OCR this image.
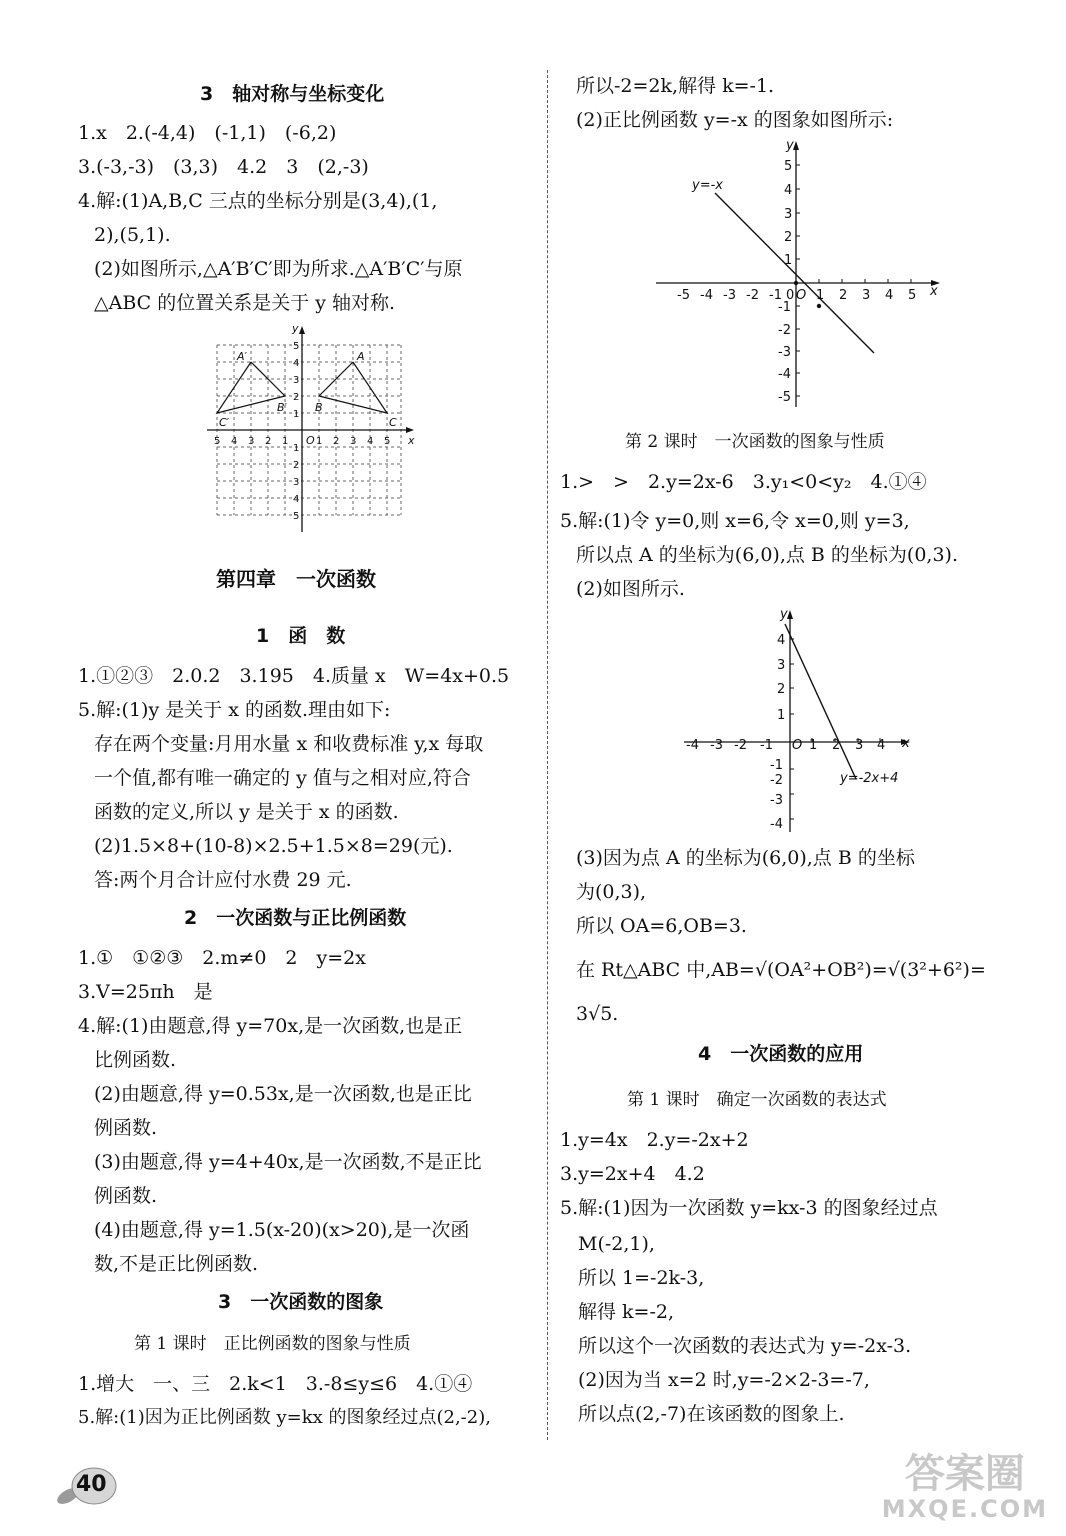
3　轴对称与坐标变化
1.x　2.(-4,4)　(-1,1)　(-6,2)
3.(-3,-3)　(3,3)　4.2　3　(2,-3)
4.解:(1)A,B,C 三点的坐标分别是(3,4),(1,
2),(5,1).
(2)如图所示,△A′B′C′即为所求.△A′B′C′与原
△ABC 的位置关系是关于 y 轴对称.
A′
B′
C′
A
B
C
x
y
O
5 4 3 2 1	1 2 3 4 5
1
2
3
4
5
1
2
3
4
5
第四章　一次函数
1　函　数
1.①②③　2.0.2　3.195　4.质量 x　W=4x+0.5
5.解:(1)y 是关于 x 的函数.理由如下:
存在两个变量:月用水量 x 和收费标准 y,x 每取
一个值,都有唯一确定的 y 值与之相对应,符合
函数的定义,所以 y 是关于 x 的函数.
(2)1.5×8+(10-8)×2.5+1.5×8=29(元).
答:两个月合计应付水费 29 元.
2　一次函数与正比例函数
1.①　①②③　2.m≠0　2　y=2x
3.V=25πh　是
4.解:(1)由题意,得 y=70x,是一次函数,也是正
比例函数.
(2)由题意,得 y=0.53x,是一次函数,也是正比
例函数.
(3)由题意,得 y=4+40x,是一次函数,不是正比
例函数.
(4)由题意,得 y=1.5(x-20)(x>20),是一次函
数,不是正比例函数.
3　一次函数的图象
第 1 课时　正比例函数的图象与性质
1.增大　一、三　2.k<1　3.-8≤y≤6　4.①④
5.解:(1)因为正比例函数 y=kx 的图象经过点(2,-2),
所以-2=2k,解得 k=-1.
(2)正比例函数 y=-x 的图象如图所示:
y=-x
x
y
-5 -4 -3 -2 -1 0 1 2 3 4 5
O
5
4
3
2
1
-1
-2
-3
-4
-5
第 2 课时　一次函数的图象与性质
1.>　>　2.y=2x-6　3.y₁<0<y₂　4.①④
5.解:(1)令 y=0,则 x=6,令 x=0,则 y=3,
所以点 A 的坐标为(6,0),点 B 的坐标为(0,3).
(2)如图所示.
x
y
-4 -3 -2 -1 O 1 2 3 4
4
3
2
1
-1
-2
-3
-4
y=-2x+4
(3)因为点 A 的坐标为(6,0),点 B 的坐标
为(0,3),
所以 OA=6,OB=3.
在 Rt△ABC 中,AB=√(OA²+OB²)=√(3²+6²)=
3√5.
4　一次函数的应用
第 1 课时　确定一次函数的表达式
1.y=4x　2.y=-2x+2
3.y=2x+4　4.2
5.解:(1)因为一次函数 y=kx-3 的图象经过点
M(-2,1),
所以 1=-2k-3,
解得 k=-2,
所以这个一次函数的表达式为 y=-2x-3.
(2)因为当 x=2 时,y=-2×2-3=-7,
所以点(2,-7)在该函数的图象上.
40	答案圈
MXQE.COM
